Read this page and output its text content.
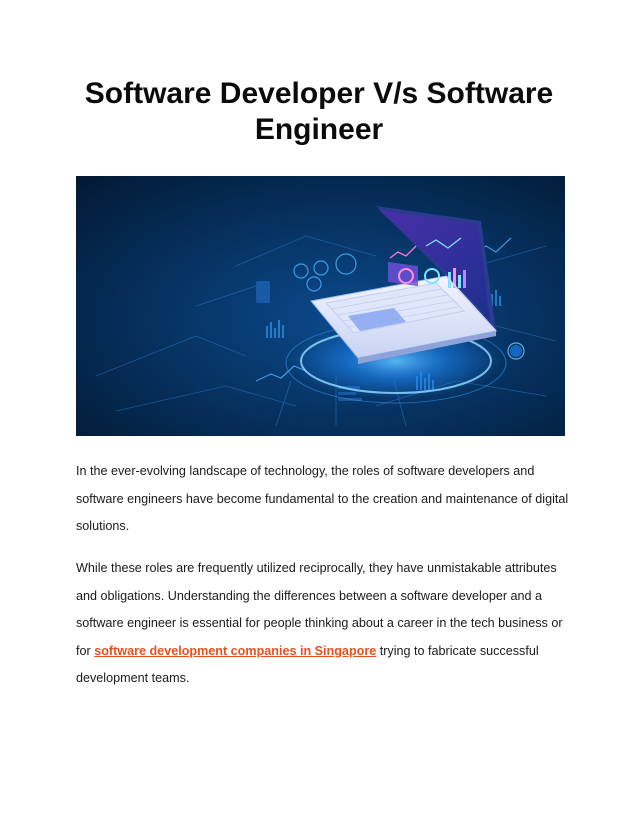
Software Developer V/s Software Engineer

In the ever-evolving landscape of technology, the roles of software developers and software engineers have become fundamental to the creation and maintenance of digital solutions.

While these roles are frequently utilized reciprocally, they have unmistakable attributes and obligations. Understanding the differences between a software developer and a software engineer is essential for people thinking about a career in the tech business or for software development companies in Singapore trying to fabricate successful development teams.
